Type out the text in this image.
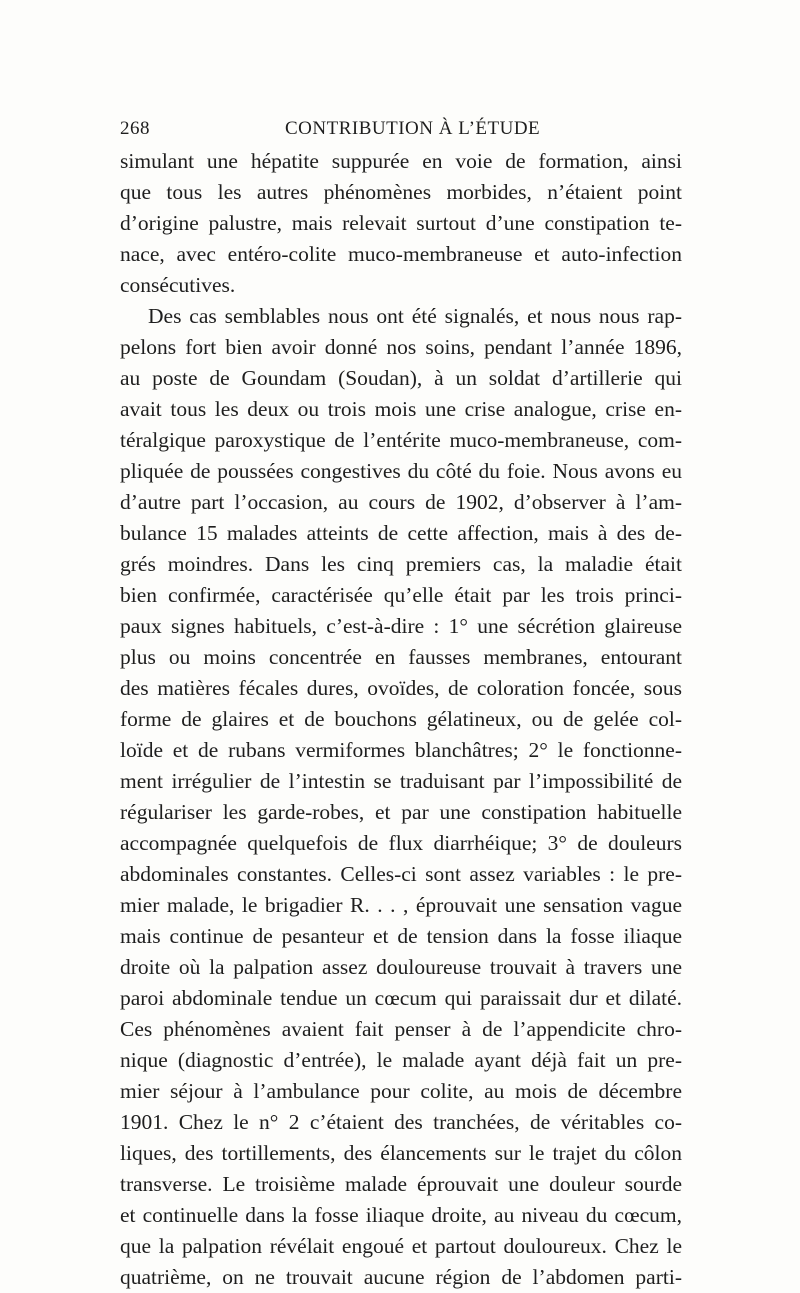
268	CONTRIBUTION À L’ÉTUDE
simulant une hépatite suppurée en voie de formation, ainsi
que tous les autres phénomènes morbides, n’étaient point
d’origine palustre, mais relevait surtout d’une constipation te-
nace, avec entéro-colite muco-membraneuse et auto-infection
consécutives.
Des cas semblables nous ont été signalés, et nous nous rap-
pelons fort bien avoir donné nos soins, pendant l’année 1896,
au poste de Goundam (Soudan), à un soldat d’artillerie qui
avait tous les deux ou trois mois une crise analogue, crise en-
téralgique paroxystique de l’entérite muco-membraneuse, com-
pliquée de poussées congestives du côté du foie. Nous avons eu
d’autre part l’occasion, au cours de 1902, d’observer à l’am-
bulance 15 malades atteints de cette affection, mais à des de-
grés moindres. Dans les cinq premiers cas, la maladie était
bien confirmée, caractérisée qu’elle était par les trois princi-
paux signes habituels, c’est-à-dire : 1° une sécrétion glaireuse
plus ou moins concentrée en fausses membranes, entourant
des matières fécales dures, ovoïdes, de coloration foncée, sous
forme de glaires et de bouchons gélatineux, ou de gelée col-
loïde et de rubans vermiformes blanchâtres; 2° le fonctionne-
ment irrégulier de l’intestin se traduisant par l’impossibilité de
régulariser les garde-robes, et par une constipation habituelle
accompagnée quelquefois de flux diarrhéique; 3° de douleurs
abdominales constantes. Celles-ci sont assez variables : le pre-
mier malade, le brigadier R. . . , éprouvait une sensation vague
mais continue de pesanteur et de tension dans la fosse iliaque
droite où la palpation assez douloureuse trouvait à travers une
paroi abdominale tendue un cœcum qui paraissait dur et dilaté.
Ces phénomènes avaient fait penser à de l’appendicite chro-
nique (diagnostic d’entrée), le malade ayant déjà fait un pre-
mier séjour à l’ambulance pour colite, au mois de décembre
1901. Chez le n° 2 c’étaient des tranchées, de véritables co-
liques, des tortillements, des élancements sur le trajet du côlon
transverse. Le troisième malade éprouvait une douleur sourde
et continuelle dans la fosse iliaque droite, au niveau du cœcum,
que la palpation révélait engoué et partout douloureux. Chez le
quatrième, on ne trouvait aucune région de l’abdomen parti-
